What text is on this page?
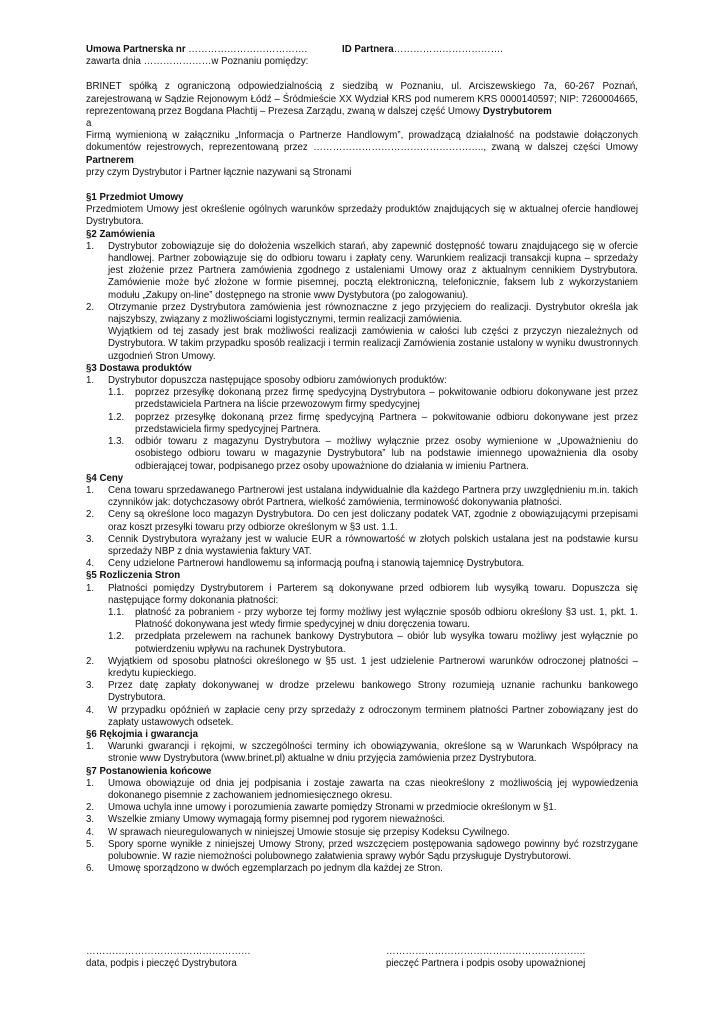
Umowa Partnerska nr ……………………………….	ID Partnera…………………………….

zawarta dnia …………………w Poznaniu pomiędzy:

BRINET spółką z ograniczoną odpowiedzialnością z siedzibą w Poznaniu, ul. Arciszewskiego 7a, 60-267 Poznań, zarejestrowaną w Sądzie Rejonowym Łódź – Śródmieście XX Wydział KRS pod numerem KRS 0000140597; NIP: 7260004665, reprezentowaną przez Bogdana Płachtij – Prezesa Zarządu, zwaną w dalszej część Umowy Dystrybutorem

a

Firmą wymienioną w załączniku „Informacja o Partnerze Handlowym”, prowadzącą działalność na podstawie dołączonych dokumentów rejestrowych, reprezentowaną przez …………………………………………….., zwaną w dalszej części Umowy Partnerem

przy czym Dystrybutor i Partner łącznie nazywani są Stronami

§1 Przedmiot Umowy

Przedmiotem Umowy jest określenie ogólnych warunków sprzedaży produktów znajdujących się w aktualnej ofercie handlowej Dystrybutora.

§2 Zamówienia

1. Dystrybutor zobowiązuje się do dołożenia wszelkich starań, aby zapewnić dostępność towaru znajdującego się w ofercie handlowej. Partner zobowiązuje się do odbioru towaru i zapłaty ceny. Warunkiem realizacji transakcji kupna – sprzedaży jest złożenie przez Partnera zamówienia zgodnego z ustaleniami Umowy oraz z aktualnym cennikiem Dystrybutora. Zamówienie może być złożone w formie pisemnej, pocztą elektroniczną, telefonicznie, faksem lub z wykorzystaniem modułu „Zakupy on-line” dostępnego na stronie www Dystybutora (po zalogowaniu).
2. Otrzymanie przez Dystrybutora zamówienia jest równoznaczne z jego przyjęciem do realizacji. Dystrybutor określa jak najszybszy, związany z możliwościami logistycznymi, termin realizacji zamówienia.
Wyjątkiem od tej zasady jest brak możliwości realizacji zamówienia w całości lub części z przyczyn niezależnych od Dystrybutora. W takim przypadku sposób realizacji i termin realizacji Zamówienia zostanie ustalony w wyniku dwustronnych uzgodnień Stron Umowy.

§3 Dostawa produktów

1. Dystrybutor dopuszcza następujące sposoby odbioru zamówionych produktów:
1.1. poprzez przesyłkę dokonaną przez firmę spedycyjną Dystrybutora – pokwitowanie odbioru dokonywane jest przez przedstawiciela Partnera na liście przewozowym firmy spedycyjnej
1.2. poprzez przesyłkę dokonaną przez firmę spedycyjną Partnera – pokwitowanie odbioru dokonywane jest przez przedstawiciela firmy spedycyjnej Partnera.
1.3. odbiór towaru z magazynu Dystrybutora – możliwy wyłącznie przez osoby wymienione w „Upoważnieniu do osobistego odbioru towaru w magazynie Dystrybutora” lub na podstawie imiennego upoważnienia dla osoby odbierającej towar, podpisanego przez osoby upoważnione do działania w imieniu Partnera.

§4 Ceny

1. Cena towaru sprzedawanego Partnerowi jest ustalana indywidualnie dla każdego Partnera przy uwzględnieniu m.in. takich czynników jak: dotychczasowy obrót Partnera, wielkość zamówienia, terminowość dokonywania płatności.
2. Ceny są określone loco magazyn Dystrybutora. Do cen jest doliczany podatek VAT, zgodnie z obowiązującymi przepisami oraz koszt przesyłki towaru przy odbiorze określonym w §3 ust. 1.1.
3. Cennik Dystrybutora wyrażany jest w walucie EUR a równowartość w złotych polskich ustalana jest na podstawie kursu sprzedaży NBP z dnia wystawienia faktury VAT.
4. Ceny udzielone Partnerowi handlowemu są informacją poufną i stanowią tajemnicę Dystrybutora.

§5 Rozliczenia Stron

1. Płatności pomiędzy Dystrybutorem i Parterem są dokonywane przed odbiorem lub wysyłką towaru. Dopuszcza się następujące formy dokonania płatności:
1.1. płatność za pobraniem - przy wyborze tej formy możliwy jest wyłącznie sposób odbioru określony §3 ust. 1, pkt. 1. Płatność dokonywana jest wtedy firmie spedycyjnej w dniu doręczenia towaru.
1.2. przedpłata przelewem na rachunek bankowy Dystrybutora – obiór lub wysyłka towaru możliwy jest wyłącznie po potwierdzeniu wpływu na rachunek Dystrybutora.
2. Wyjątkiem od sposobu płatności określonego w §5 ust. 1 jest udzielenie Partnerowi warunków odroczonej płatności – kredytu kupieckiego.
3. Przez datę zapłaty dokonywanej w drodze przelewu bankowego Strony rozumieją uznanie rachunku bankowego Dystrybutora.
4. W przypadku opóźnień w zapłacie ceny przy sprzedaży z odroczonym terminem płatności Partner zobowiązany jest do zapłaty ustawowych odsetek.

§6 Rękojmia i gwarancja

1. Warunki gwarancji i rękojmi, w szczególności terminy ich obowiązywania, określone są w Warunkach Współpracy na stronie www Dystrybutora (www.brinet.pl) aktualne w dniu przyjęcia zamówienia przez Dystrybutora.

§7 Postanowienia końcowe

1. Umowa obowiązuje od dnia jej podpisania i zostaje zawarta na czas nieokreślony z możliwością jej wypowiedzenia dokonanego pisemnie z zachowaniem jednomiesięcznego okresu.
2. Umowa uchyla inne umowy i porozumienia zawarte pomiędzy Stronami w przedmiocie określonym w §1.
3. Wszelkie zmiany Umowy wymagają formy pisemnej pod rygorem nieważności.
4. W sprawach nieuregulowanych w niniejszej Umowie stosuje się przepisy Kodeksu Cywilnego.
5. Spory sporne wynikłe z niniejszej Umowy Strony, przed wszczęciem postępowania sądowego powinny być rozstrzygane polubownie. W razie niemożności polubownego załatwienia sprawy wybór Sądu przysługuje Dystrybutorowi.
6. Umowę sporządzono w dwóch egzemplarzach po jednym dla każdej ze Stron.
……………………………………………
data, podpis i pieczęć Dystrybutora
……………………………………………………..
pieczęć Partnera i podpis osoby upoważnionej
